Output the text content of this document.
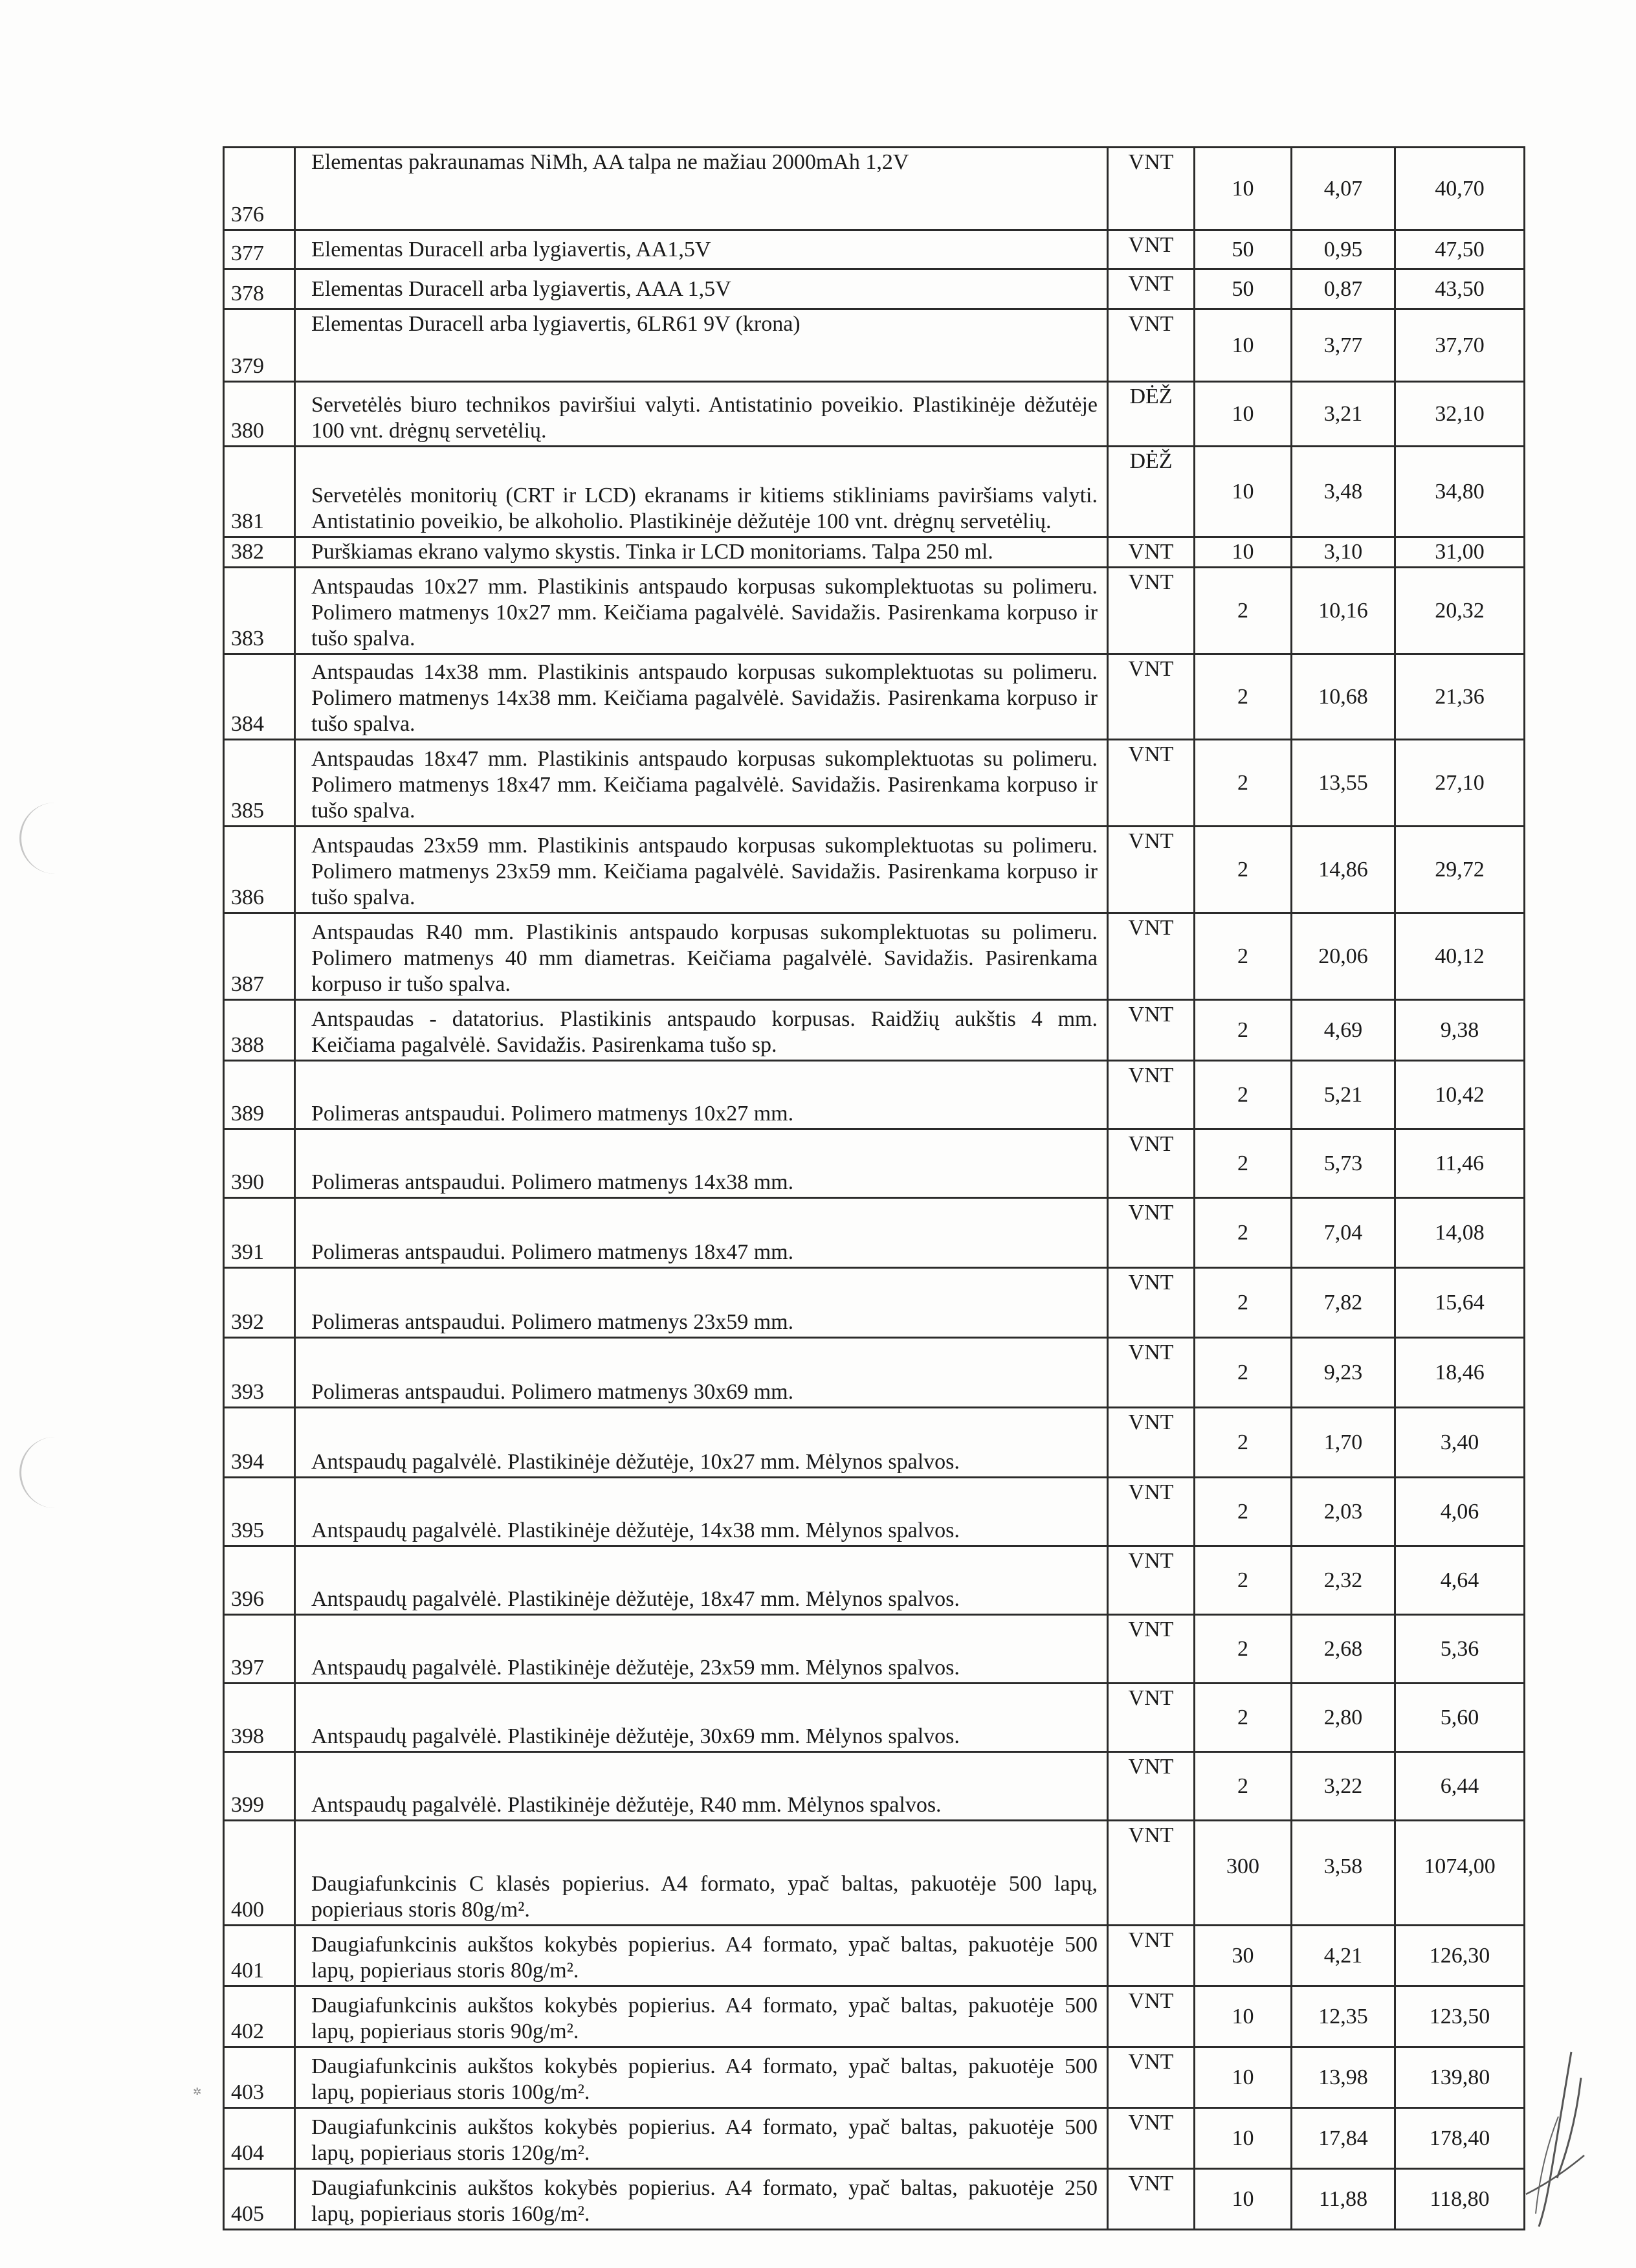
376	Elementas pakraunamas NiMh, AA talpa ne mažiau 2000mAh 1,2V	VNT	10	4,07	40,70
377	Elementas Duracell arba lygiavertis, AA1,5V	VNT	50	0,95	47,50
378	Elementas Duracell arba lygiavertis, AAA 1,5V	VNT	50	0,87	43,50
379	Elementas Duracell arba lygiavertis, 6LR61 9V (krona)	VNT	10	3,77	37,70
380	Servetėlės biuro technikos paviršiui valyti. Antistatinio poveikio. Plastikinėje dėžutėje 100 vnt. drėgnų servetėlių.	DĖŽ	10	3,21	32,10
381	Servetėlės monitorių (CRT ir LCD) ekranams ir kitiems stikliniams paviršiams valyti. Antistatinio poveikio, be alkoholio. Plastikinėje dėžutėje 100 vnt. drėgnų servetėlių.	DĖŽ	10	3,48	34,80
382	Purškiamas ekrano valymo skystis. Tinka ir LCD monitoriams. Talpa 250 ml.	VNT	10	3,10	31,00
383	Antspaudas 10x27 mm. Plastikinis antspaudo korpusas sukomplektuotas su polimeru. Polimero matmenys 10x27 mm. Keičiama pagalvėlė. Savidažis. Pasirenkama korpuso ir tušo spalva.	VNT	2	10,16	20,32
384	Antspaudas 14x38 mm. Plastikinis antspaudo korpusas sukomplektuotas su polimeru. Polimero matmenys 14x38 mm. Keičiama pagalvėlė. Savidažis. Pasirenkama korpuso ir tušo spalva.	VNT	2	10,68	21,36
385	Antspaudas 18x47 mm. Plastikinis antspaudo korpusas sukomplektuotas su polimeru. Polimero matmenys 18x47 mm. Keičiama pagalvėlė. Savidažis. Pasirenkama korpuso ir tušo spalva.	VNT	2	13,55	27,10
386	Antspaudas 23x59 mm. Plastikinis antspaudo korpusas sukomplektuotas su polimeru. Polimero matmenys 23x59 mm. Keičiama pagalvėlė. Savidažis. Pasirenkama korpuso ir tušo spalva.	VNT	2	14,86	29,72
387	Antspaudas R40 mm. Plastikinis antspaudo korpusas sukomplektuotas su polimeru. Polimero matmenys 40 mm diametras. Keičiama pagalvėlė. Savidažis. Pasirenkama korpuso ir tušo spalva.	VNT	2	20,06	40,12
388	Antspaudas - datatorius. Plastikinis antspaudo korpusas. Raidžių aukštis 4 mm. Keičiama pagalvėlė. Savidažis. Pasirenkama tušo sp.	VNT	2	4,69	9,38
389	Polimeras antspaudui. Polimero matmenys 10x27 mm.	VNT	2	5,21	10,42
390	Polimeras antspaudui. Polimero matmenys 14x38 mm.	VNT	2	5,73	11,46
391	Polimeras antspaudui. Polimero matmenys 18x47 mm.	VNT	2	7,04	14,08
392	Polimeras antspaudui. Polimero matmenys 23x59 mm.	VNT	2	7,82	15,64
393	Polimeras antspaudui. Polimero matmenys 30x69 mm.	VNT	2	9,23	18,46
394	Antspaudų pagalvėlė. Plastikinėje dėžutėje, 10x27 mm. Mėlynos spalvos.	VNT	2	1,70	3,40
395	Antspaudų pagalvėlė. Plastikinėje dėžutėje, 14x38 mm. Mėlynos spalvos.	VNT	2	2,03	4,06
396	Antspaudų pagalvėlė. Plastikinėje dėžutėje, 18x47 mm. Mėlynos spalvos.	VNT	2	2,32	4,64
397	Antspaudų pagalvėlė. Plastikinėje dėžutėje, 23x59 mm. Mėlynos spalvos.	VNT	2	2,68	5,36
398	Antspaudų pagalvėlė. Plastikinėje dėžutėje, 30x69 mm. Mėlynos spalvos.	VNT	2	2,80	5,60
399	Antspaudų pagalvėlė. Plastikinėje dėžutėje, R40 mm. Mėlynos spalvos.	VNT	2	3,22	6,44
400	Daugiafunkcinis C klasės popierius. A4 formato, ypač baltas, pakuotėje 500 lapų, popieriaus storis 80g/m².	VNT	300	3,58	1074,00
401	Daugiafunkcinis aukštos kokybės popierius. A4 formato, ypač baltas, pakuotėje 500 lapų, popieriaus storis 80g/m².	VNT	30	4,21	126,30
402	Daugiafunkcinis aukštos kokybės popierius. A4 formato, ypač baltas, pakuotėje 500 lapų, popieriaus storis 90g/m².	VNT	10	12,35	123,50
403	Daugiafunkcinis aukštos kokybės popierius. A4 formato, ypač baltas, pakuotėje 500 lapų, popieriaus storis 100g/m².	VNT	10	13,98	139,80
404	Daugiafunkcinis aukštos kokybės popierius. A4 formato, ypač baltas, pakuotėje 500 lapų, popieriaus storis 120g/m².	VNT	10	17,84	178,40
405	Daugiafunkcinis aukštos kokybės popierius. A4 formato, ypač baltas, pakuotėje 250 lapų, popieriaus storis 160g/m².	VNT	10	11,88	118,80
✲
